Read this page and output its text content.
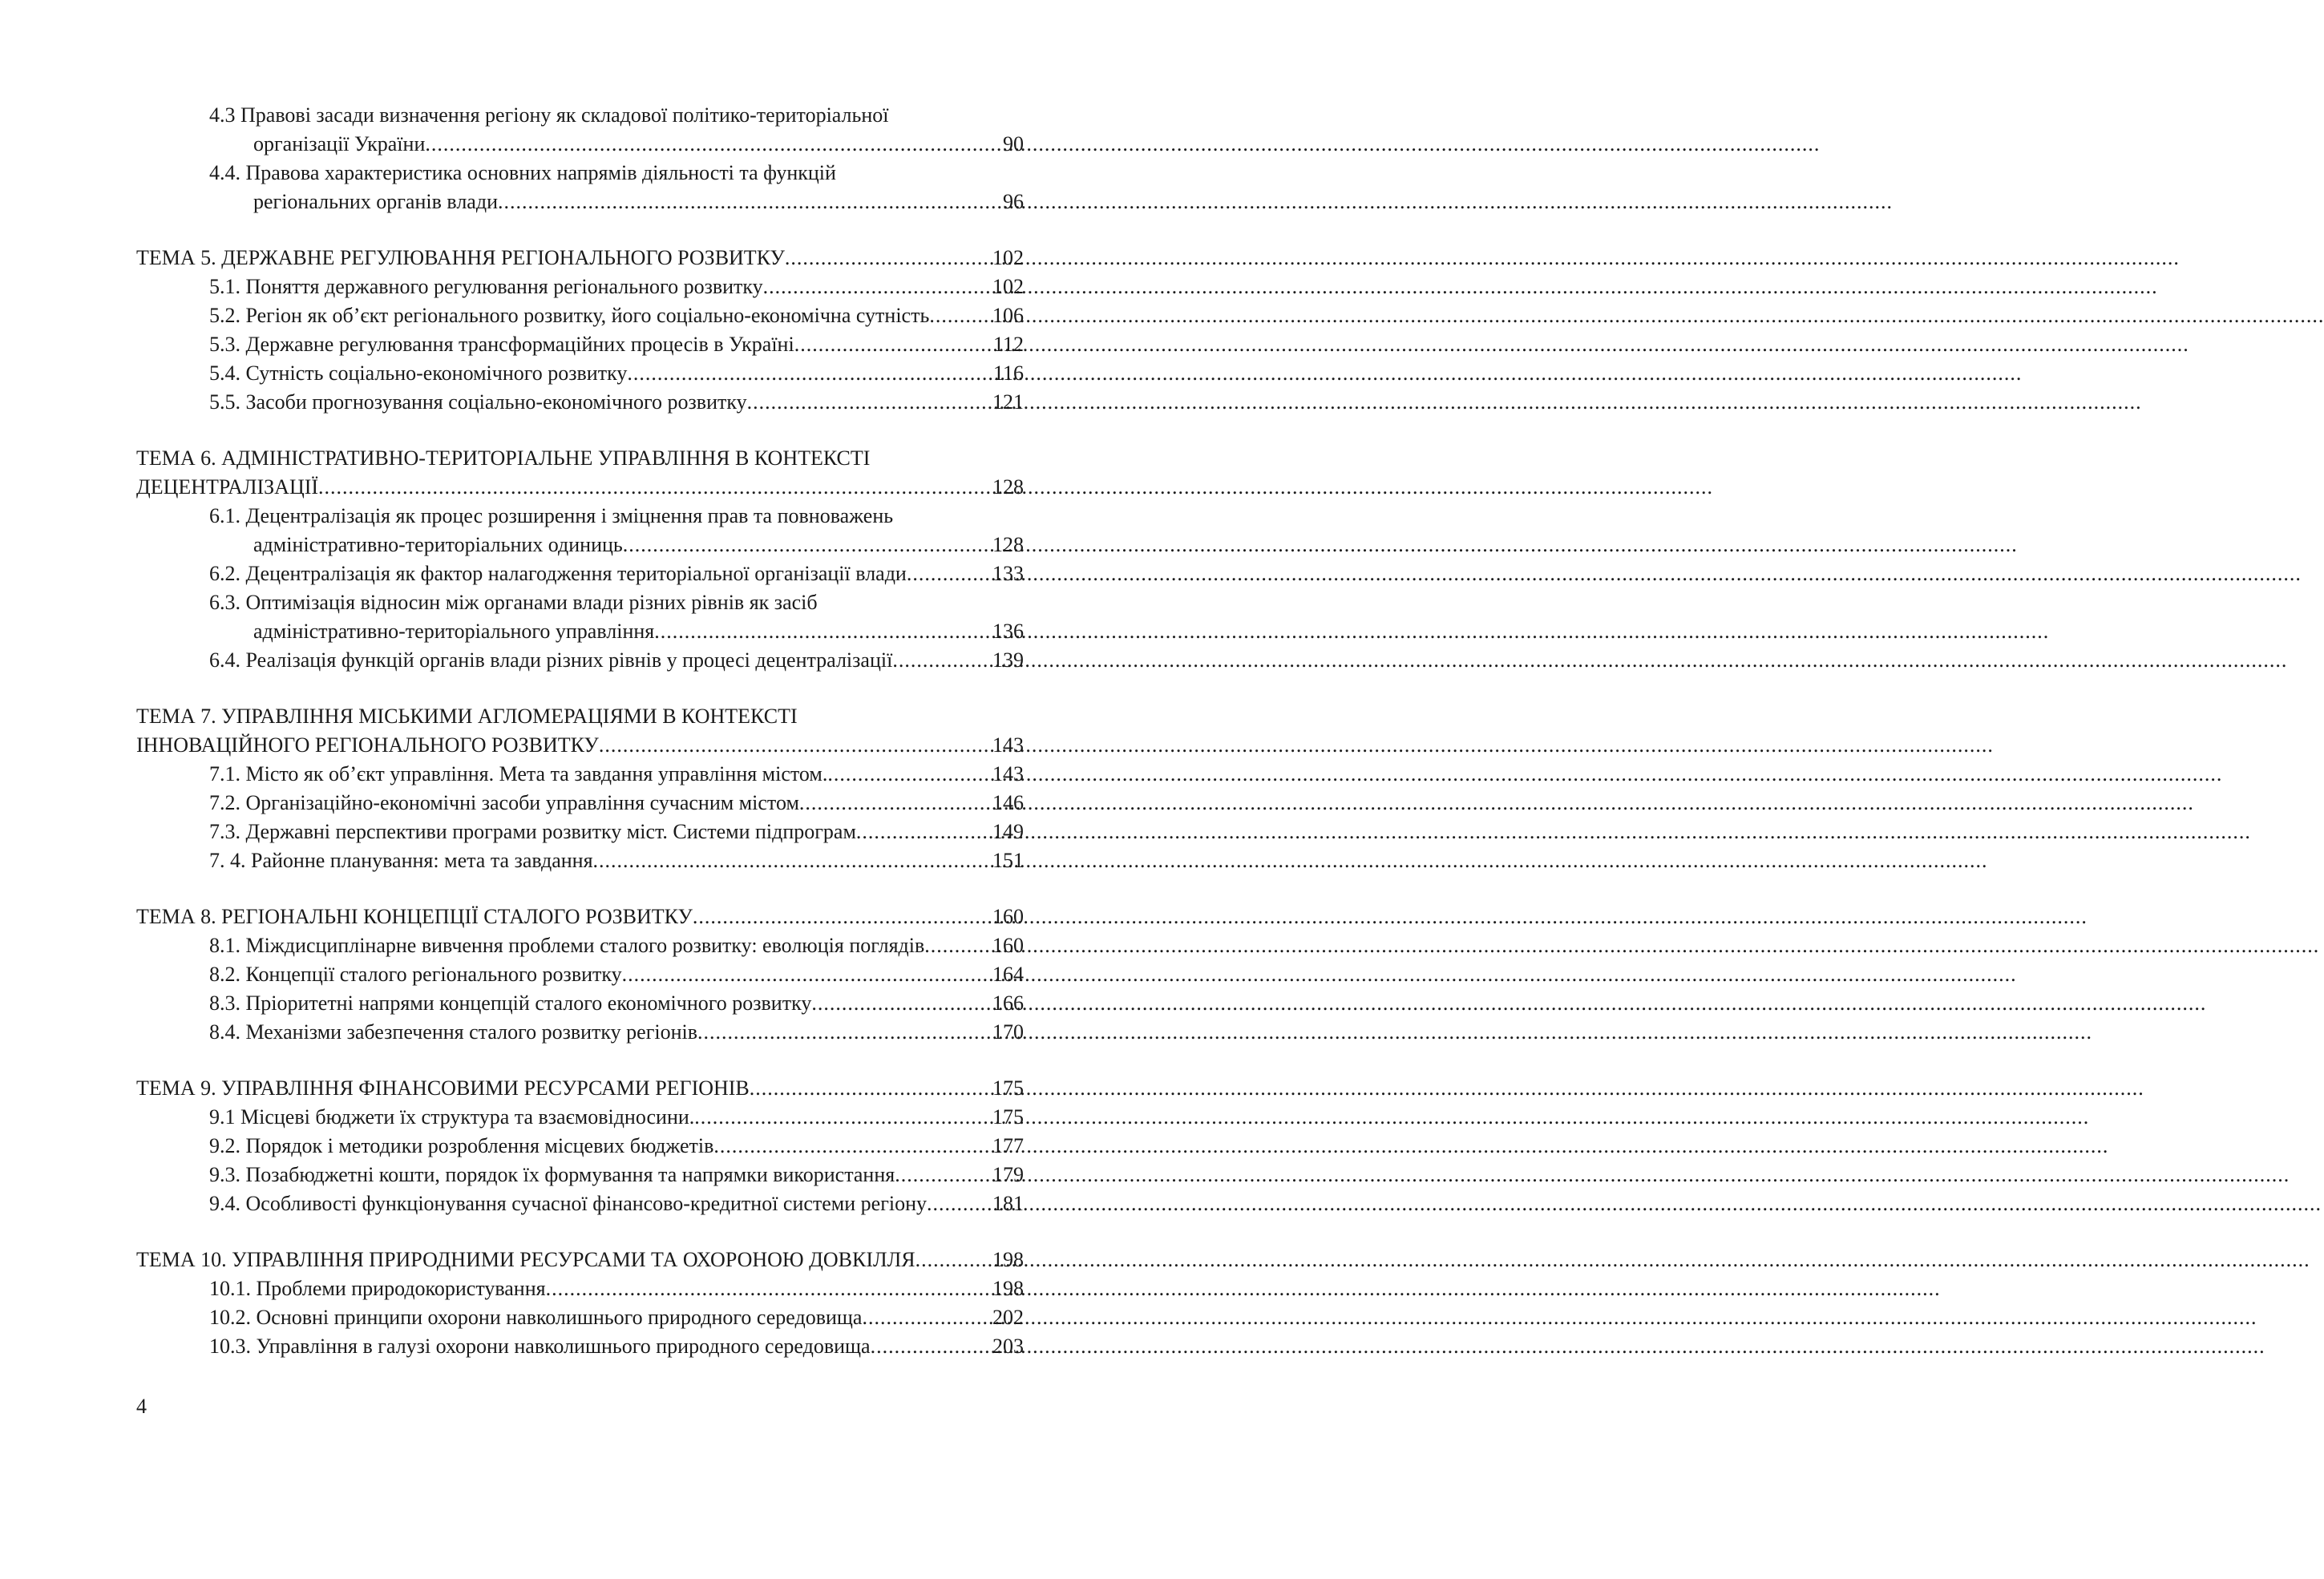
4.3 Правові засади визначення регіону як складової політико-територіальної
організації України .....	90
4.4. Правова характеристика основних напрямів діяльності та функцій
регіональних органів влади .....	96
ТЕМА 5. ДЕРЖАВНЕ РЕГУЛЮВАННЯ РЕГІОНАЛЬНОГО РОЗВИТКУ .....	102
5.1. Поняття державного регулювання регіонального розвитку .....	102
5.2. Регіон як об’єкт регіонального розвитку, його соціально-економічна сутність .....	106
5.3. Державне регулювання трансформаційних процесів в Україні .....	112
5.4. Сутність соціально-економічного розвитку .....	116
5.5. Засоби прогнозування соціально-економічного розвитку .....	121
ТЕМА 6. АДМІНІСТРАТИВНО-ТЕРИТОРІАЛЬНЕ УПРАВЛІННЯ В КОНТЕКСТІ
ДЕЦЕНТРАЛІЗАЦІЇ .....	128
6.1. Децентралізація як процес розширення і зміцнення прав та повноважень
адміністративно-територіальних одиниць .....	128
6.2. Децентралізація як фактор налагодження територіальної організації влади .....	133
6.3. Оптимізація відносин між органами влади різних рівнів як засіб
адміністративно-територіального управління .....	136
6.4. Реалізація функцій органів влади різних рівнів у процесі децентралізації .....	139
ТЕМА 7. УПРАВЛІННЯ МІСЬКИМИ АГЛОМЕРАЦІЯМИ В КОНТЕКСТІ
ІННОВАЦІЙНОГО РЕГІОНАЛЬНОГО РОЗВИТКУ .....	143
7.1. Місто як об’єкт управління. Мета та завдання управління містом. .....	143
7.2. Організаційно-економічні засоби управління сучасним містом .....	146
7.3. Державні перспективи програми розвитку міст. Системи підпрограм .....	149
7. 4. Районне планування: мета та завдання .....	151
ТЕМА 8. РЕГІОНАЛЬНІ КОНЦЕПЦІЇ СТАЛОГО РОЗВИТКУ .....	160
8.1. Міждисциплінарне вивчення проблеми сталого розвитку: еволюція поглядів .....	160
8.2. Концепції сталого регіонального розвитку .....	164
8.3. Пріоритетні напрями концепцій сталого економічного розвитку .....	166
8.4. Механізми забезпечення сталого розвитку регіонів .....	170
ТЕМА 9. УПРАВЛІННЯ ФІНАНСОВИМИ РЕСУРСАМИ РЕГІОНІВ .....	175
9.1 Місцеві бюджети їх структура та взаємовідносини. .....	175
9.2. Порядок і методики розроблення місцевих бюджетів .....	177
9.3. Позабюджетні кошти, порядок їх формування та напрямки використання .....	179
9.4. Особливості функціонування сучасної фінансово-кредитної системи регіону .....	181
ТЕМА 10. УПРАВЛІННЯ ПРИРОДНИМИ РЕСУРСАМИ ТА ОХОРОНОЮ ДОВКІЛЛЯ .....	198
10.1. Проблеми природокористування .....	198
10.2. Основні принципи охорони навколишнього природного середовища .....	202
10.3. Управління в галузі охорони навколишнього природного середовища .....	203
4
